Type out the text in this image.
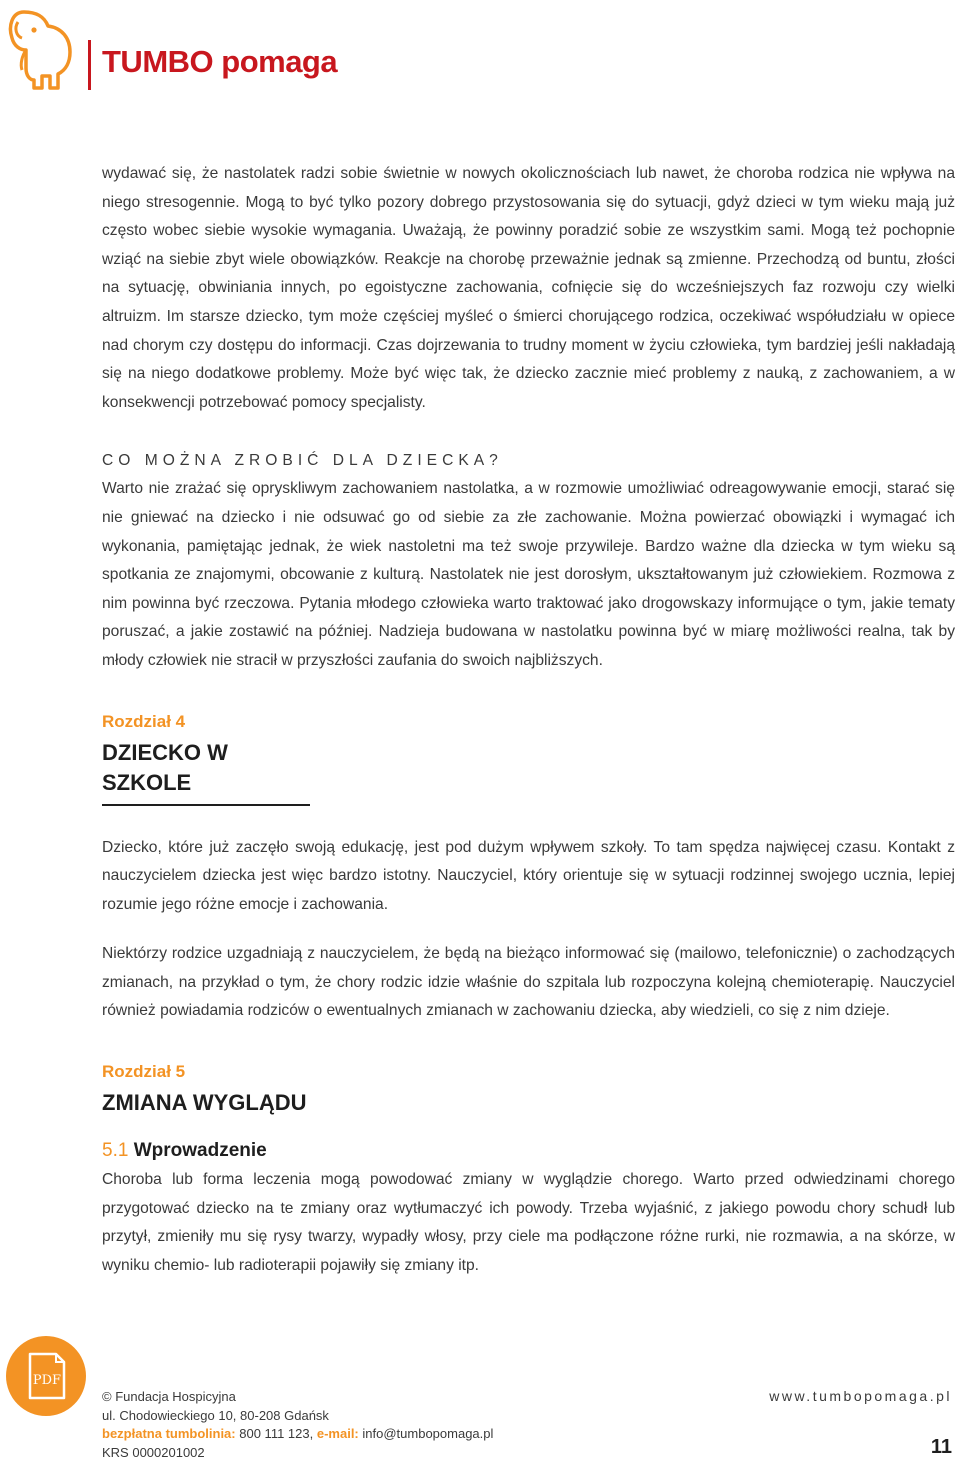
TUMBO pomaga

wydawać się, że nastolatek radzi sobie świetnie w nowych okolicznościach lub nawet, że choroba rodzica nie wpływa na niego stresogennie. Mogą to być tylko pozory dobrego przystosowania się do sytuacji, gdyż dzieci w tym wieku mają już często wobec siebie wysokie wymagania. Uważają, że powinny poradzić sobie ze wszystkim sami. Mogą też pochopnie wziąć na siebie zbyt wiele obowiązków. Reakcje na chorobę przeważnie jednak są zmienne. Przechodzą od buntu, złości na sytuację, obwiniania innych, po egoistyczne zachowania, cofnięcie się do wcześniejszych faz rozwoju czy wielki altruizm. Im starsze dziecko, tym może częściej myśleć o śmierci chorującego rodzica, oczekiwać współudziału w opiece nad chorym czy dostępu do informacji. Czas dojrzewania to trudny moment w życiu człowieka, tym bardziej jeśli nakładają się na niego dodatkowe problemy. Może być więc tak, że dziecko zacznie mieć problemy z nauką, z zachowaniem, a w konsekwencji potrzebować pomocy specjalisty.

CO MOŻNA ZROBIĆ DLA DZIECKA?

Warto nie zrażać się opryskliwym zachowaniem nastolatka, a w rozmowie umożliwiać odreagowywanie emocji, starać się nie gniewać na dziecko i nie odsuwać go od siebie za złe zachowanie. Można powierzać obowiązki i wymagać ich wykonania, pamiętając jednak, że wiek nastoletni ma też swoje przywileje. Bardzo ważne dla dziecka w tym wieku są spotkania ze znajomymi, obcowanie z kulturą. Nastolatek nie jest dorosłym, ukształtowanym już człowiekiem. Rozmowa z nim powinna być rzeczowa. Pytania młodego człowieka warto traktować jako drogowskazy informujące o tym, jakie tematy poruszać, a jakie zostawić na później. Nadzieja budowana w nastolatku powinna być w miarę możliwości realna, tak by młody człowiek nie stracił w przyszłości zaufania do swoich najbliższych.

Rozdział 4
DZIECKO W SZKOLE

Dziecko, które już zaczęło swoją edukację, jest pod dużym wpływem szkoły. To tam spędza najwięcej czasu. Kontakt z nauczycielem dziecka jest więc bardzo istotny. Nauczyciel, który orientuje się w sytuacji rodzinnej swojego ucznia, lepiej rozumie jego różne emocje i zachowania.

Niektórzy rodzice uzgadniają z nauczycielem, że będą na bieżąco informować się (mailowo, telefonicznie) o zachodzących zmianach, na przykład o tym, że chory rodzic idzie właśnie do szpitala lub rozpoczyna kolejną chemioterapię. Nauczyciel również powiadamia rodziców o ewentualnych zmianach w zachowaniu dziecka, aby wiedzieli, co się z nim dzieje.

Rozdział 5
ZMIANA WYGLĄDU
5.1 Wprowadzenie

Choroba lub forma leczenia mogą powodować zmiany w wyglądzie chorego. Warto przed odwiedzinami chorego przygotować dziecko na te zmiany oraz wytłumaczyć ich powody. Trzeba wyjaśnić, z jakiego powodu chory schudł lub przytył, zmieniły mu się rysy twarzy, wypadły włosy, przy ciele ma podłączone różne rurki, nie rozmawia, a na skórze, w wyniku chemio- lub radioterapii pojawiły się zmiany itp.

PDF
© Fundacja Hospicyjna
ul. Chodowieckiego 10, 80-208 Gdańsk
bezpłatna tumbolinia: 800 111 123, e-mail: info@tumbopomaga.pl
KRS 0000201002
www.tumbopomaga.pl
11
